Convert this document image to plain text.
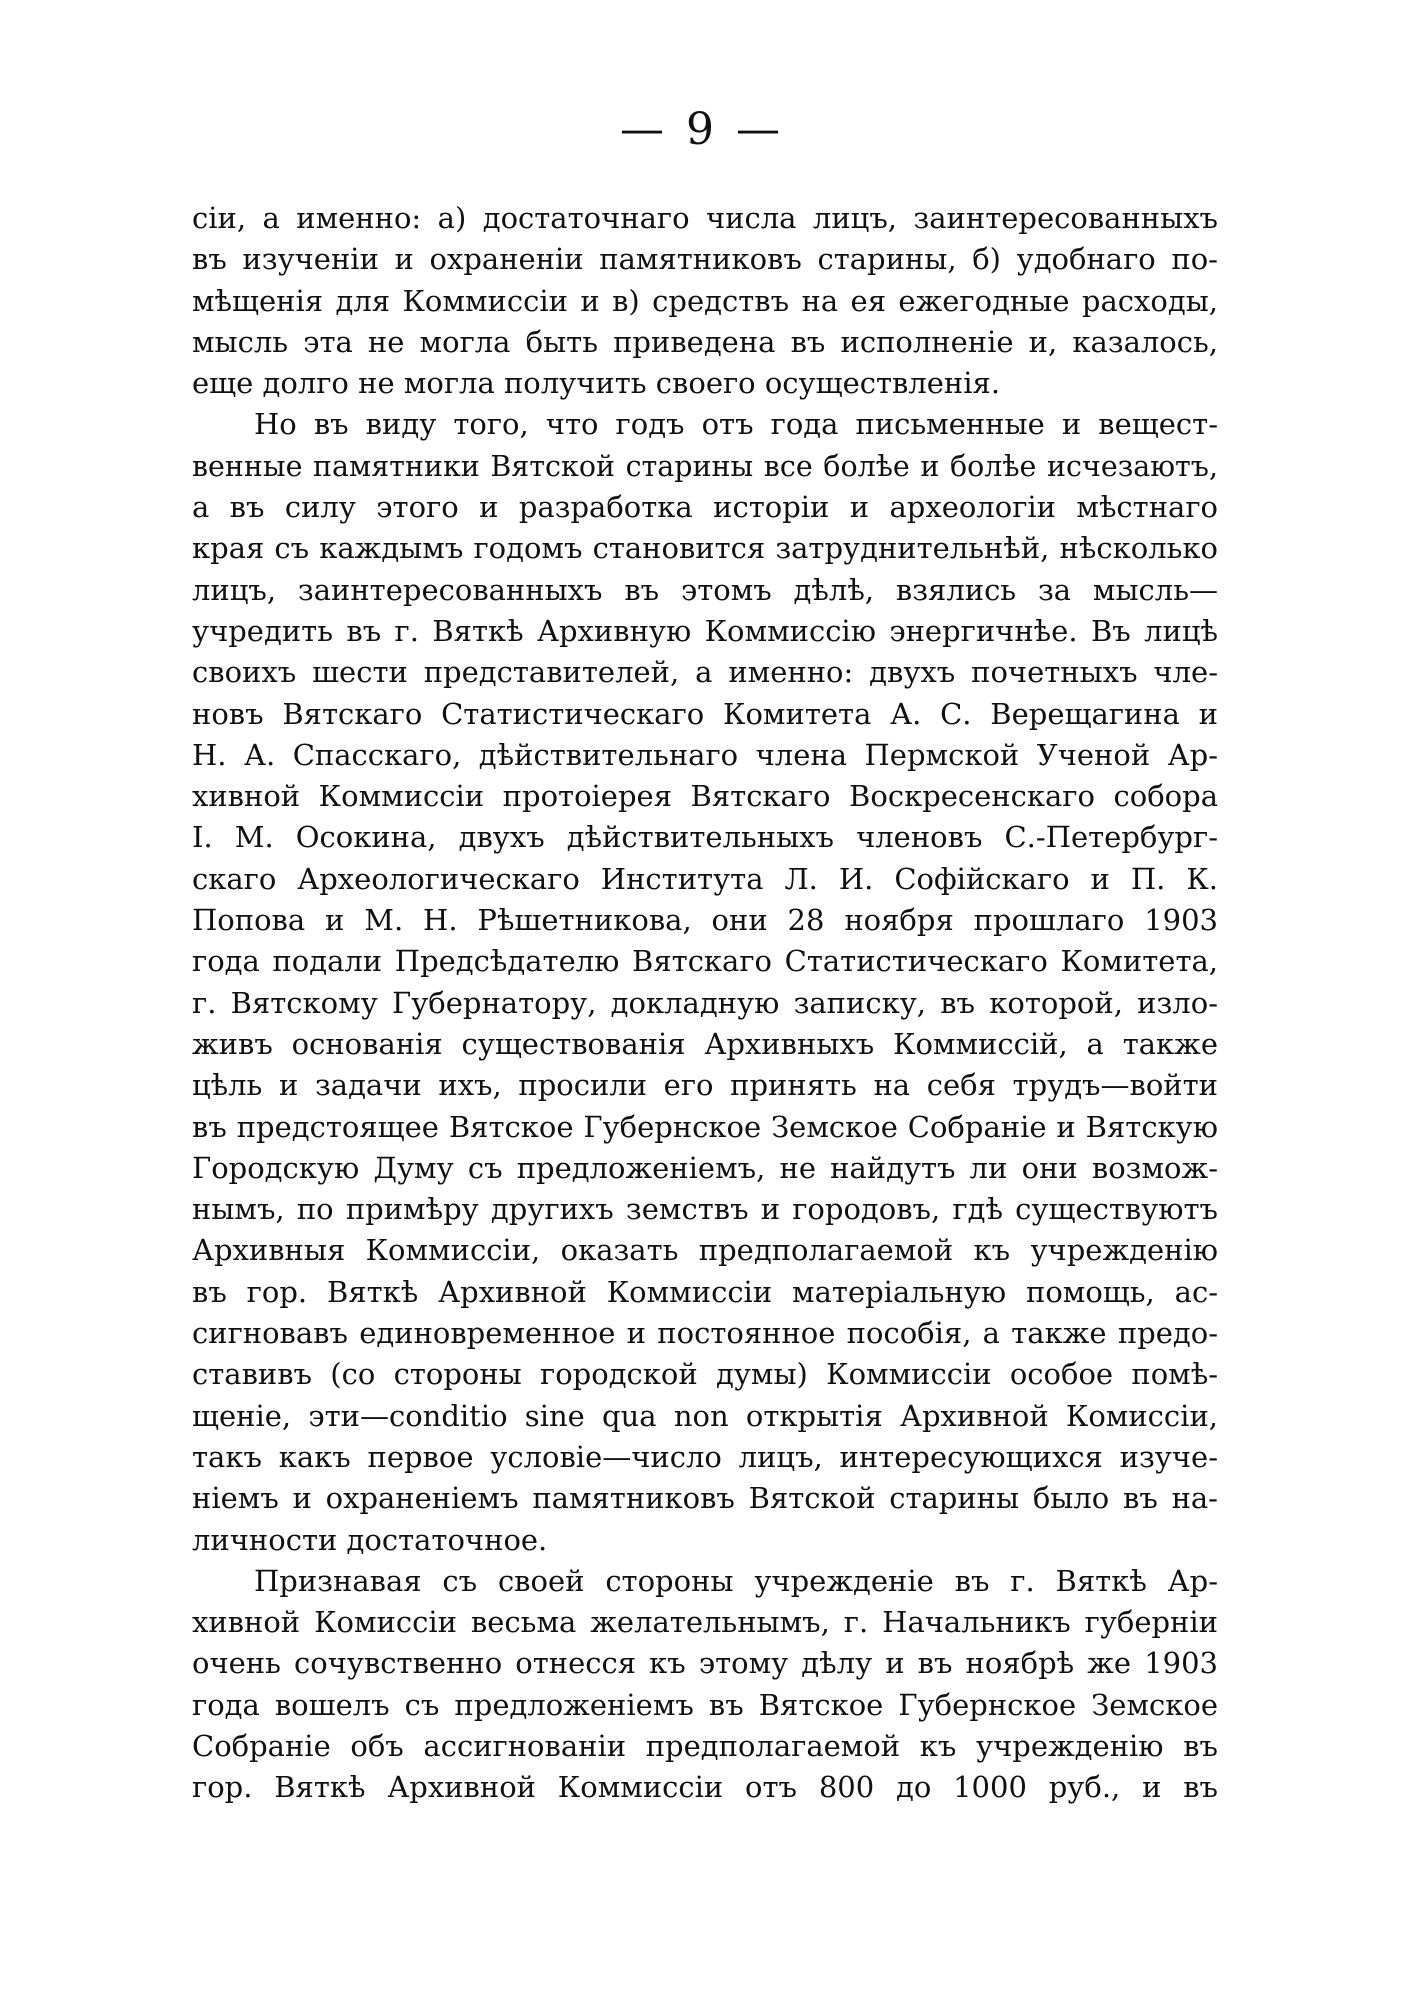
— 9 —
сіи, а именно: а) достаточнаго числа лицъ, заинтересованныхъ
въ изученіи и охраненіи памятниковъ старины, б) удобнаго по-
мѣщенія для Коммиссіи и в) средствъ на ея ежегодные расходы,
мысль эта не могла быть приведена въ исполненіе и, казалось,
еще долго не могла получить своего осуществленія.
Но въ виду того, что годъ отъ года письменные и вещест-
венные памятники Вятской старины все болѣе и болѣе исчезаютъ,
а въ силу этого и разработка исторіи и археологіи мѣстнаго
края съ каждымъ годомъ становится затруднительнѣй, нѣсколько
лицъ, заинтересованныхъ въ этомъ дѣлѣ, взялись за мысль—
учредить въ г. Вяткѣ Архивную Коммиссію энергичнѣе. Въ лицѣ
своихъ шести представителей, а именно: двухъ почетныхъ чле-
новъ Вятскаго Статистическаго Комитета А. С. Верещагина и
Н. А. Спасскаго, дѣйствительнаго члена Пермской Ученой Ар-
хивной Коммиссіи протоіерея Вятскаго Воскресенскаго собора
І. М. Осокина, двухъ дѣйствительныхъ членовъ С.-Петербург-
скаго Археологическаго Института Л. И. Софійскаго и П. К.
Попова и М. Н. Рѣшетникова, они 28 ноября прошлаго 1903
года подали Предсѣдателю Вятскаго Статистическаго Комитета,
г. Вятскому Губернатору, докладную записку, въ которой, изло-
живъ основанія существованія Архивныхъ Коммиссій, а также
цѣль и задачи ихъ, просили его принять на себя трудъ—войти
въ предстоящее Вятское Губернское Земское Собраніе и Вятскую
Городскую Думу съ предложеніемъ, не найдутъ ли они возмож-
нымъ, по примѣру другихъ земствъ и городовъ, гдѣ существуютъ
Архивныя Коммиссіи, оказать предполагаемой къ учрежденію
въ гор. Вяткѣ Архивной Коммиссіи матеріальную помощь, ас-
сигновавъ единовременное и постоянное пособія, а также предо-
ставивъ (со стороны городской думы) Коммиссіи особое помѣ-
щеніе, эти—conditio sine qua non открытія Архивной Комиссіи,
такъ какъ первое условіе—число лицъ, интересующихся изуче-
ніемъ и охраненіемъ памятниковъ Вятской старины было въ на-
личности достаточное.
Признавая съ своей стороны учрежденіе въ г. Вяткѣ Ар-
хивной Комиссіи весьма желательнымъ, г. Начальникъ губерніи
очень сочувственно отнесся къ этому дѣлу и въ ноябрѣ же 1903
года вошелъ съ предложеніемъ въ Вятское Губернское Земское
Собраніе объ ассигнованіи предполагаемой къ учрежденію въ
гор. Вяткѣ Архивной Коммиссіи отъ 800 до 1000 руб., и въ
